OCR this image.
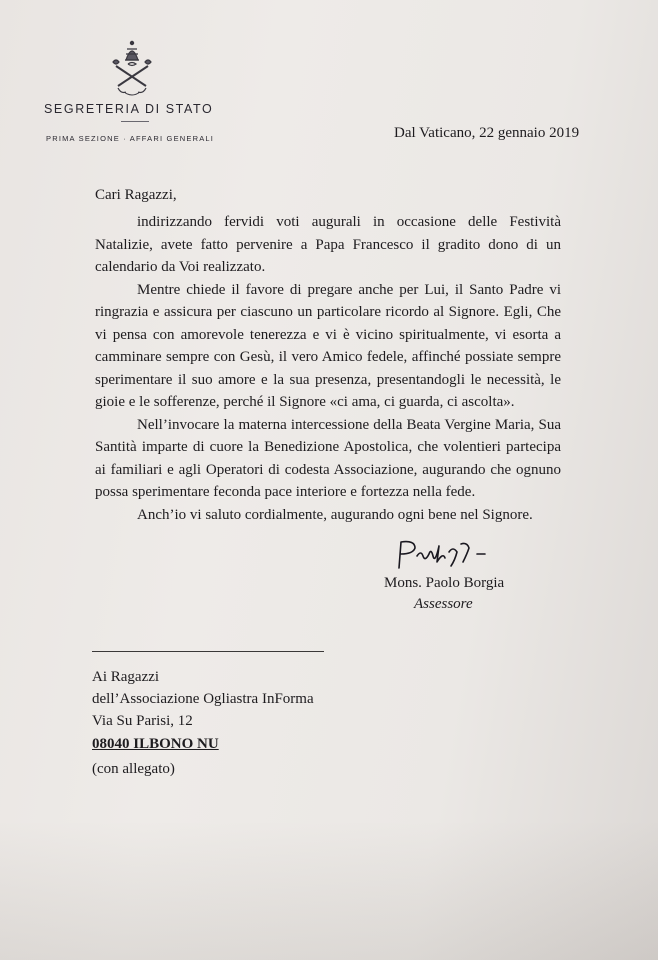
SEGRETERIA DI STATO
PRIMA SEZIONE · AFFARI GENERALI	Dal Vaticano, 22 gennaio 2019
Cari Ragazzi,

indirizzando fervidi voti augurali in occasione delle Festività Natalizie, avete fatto pervenire a Papa Francesco il gradito dono di un calendario da Voi realizzato.

Mentre chiede il favore di pregare anche per Lui, il Santo Padre vi ringrazia e assicura per ciascuno un particolare ricordo al Signore. Egli, Che vi pensa con amorevole tenerezza e vi è vicino spiritualmente, vi esorta a camminare sempre con Gesù, il vero Amico fedele, affinché possiate sempre sperimentare il suo amore e la sua presenza, presentandogli le necessità, le gioie e le sofferenze, perché il Signore «ci ama, ci guarda, ci ascolta».

Nell’invocare la materna intercessione della Beata Vergine Maria, Sua Santità imparte di cuore la Benedizione Apostolica, che volentieri partecipa ai familiari e agli Operatori di codesta Associazione, augurando che ognuno possa sperimentare feconda pace interiore e fortezza nella fede.

Anch’io vi saluto cordialmente, augurando ogni bene nel Signore.

Mons. Paolo Borgia
Assessore
Ai Ragazzi
dell’Associazione Ogliastra InForma
Via Su Parisi, 12
08040 ILBONO NU
(con allegato)
